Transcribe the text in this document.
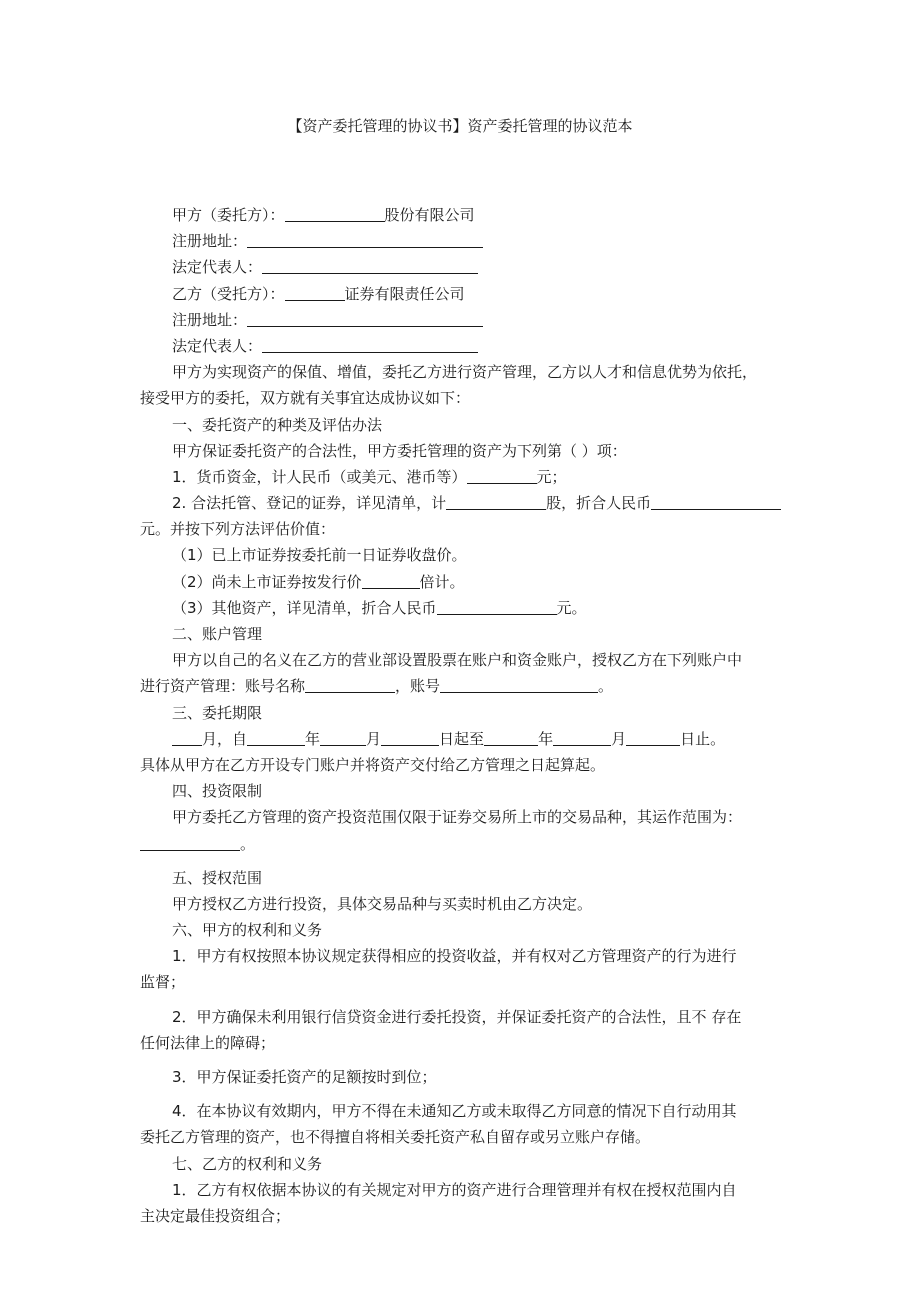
【资产委托管理的协议书】资产委托管理的协议范本
甲方（委托方）：	股份有限公司
注册地址：
法定代表人：
乙方（受托方）：	证券有限责任公司
注册地址：
法定代表人：
甲方为实现资产的保值、增值，委托乙方进行资产管理，乙方以人才和信息优势为依托，
接受甲方的委托，双方就有关事宜达成协议如下：
一、委托资产的种类及评估办法
甲方保证委托资产的合法性，甲方委托管理的资产为下列第（ ）项：
1．货币资金，计人民币（或美元、港币等）	元；
2. 合法托管、登记的证券，详见清单，计	股，折合人民币
元。并按下列方法评估价值：
（1）已上市证券按委托前一日证券收盘价。
（2）尚未上市证券按发行价	倍计。
（3）其他资产，详见清单，折合人民币	元。
二、账户管理
甲方以自己的名义在乙方的营业部设置股票在账户和资金账户，授权乙方在下列账户中
进行资产管理：账号名称	，账号	。
三、委托期限
月，自	年	月	日起至	年	月	日止。
具体从甲方在乙方开设专门账户并将资产交付给乙方管理之日起算起。
四、投资限制
甲方委托乙方管理的资产投资范围仅限于证券交易所上市的交易品种，其运作范围为：
。
五、授权范围
甲方授权乙方进行投资，具体交易品种与买卖时机由乙方决定。
六、甲方的权利和义务
1．甲方有权按照本协议规定获得相应的投资收益，并有权对乙方管理资产的行为进行
监督；
2．甲方确保未利用银行信贷资金进行委托投资，并保证委托资产的合法性，且不 存在
任何法律上的障碍；
3．甲方保证委托资产的足额按时到位；
4．在本协议有效期内，甲方不得在未通知乙方或未取得乙方同意的情况下自行动用其
委托乙方管理的资产，也不得擅自将相关委托资产私自留存或另立账户存储。
七、乙方的权利和义务
1．乙方有权依据本协议的有关规定对甲方的资产进行合理管理并有权在授权范围内自
主决定最佳投资组合；
